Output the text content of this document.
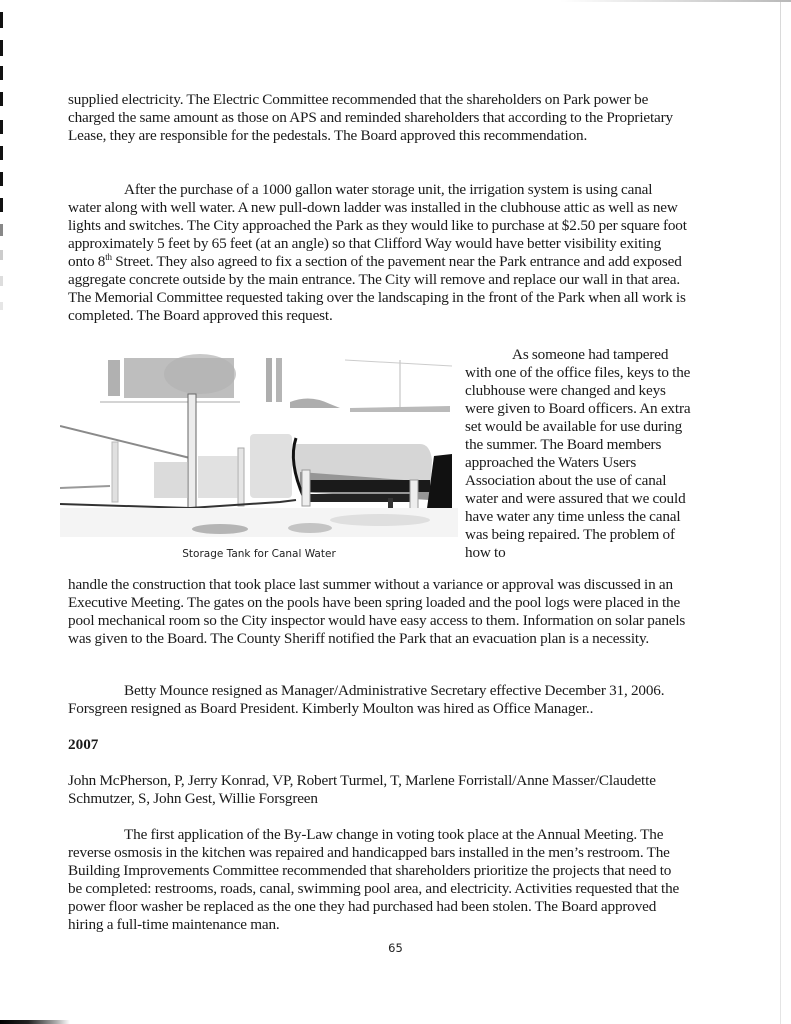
supplied electricity. The Electric Committee recommended that the shareholders on Park power be charged the same amount as those on APS and reminded shareholders that according to the Proprietary Lease, they are responsible for the pedestals. The Board approved this recommendation.

After the purchase of a 1000 gallon water storage unit, the irrigation system is using canal water along with well water. A new pull-down ladder was installed in the clubhouse attic as well as new lights and switches. The City approached the Park as they would like to purchase at $2.50 per square foot approximately 5 feet by 65 feet (at an angle) so that Clifford Way would have better visibility exiting onto 8th Street. They also agreed to fix a section of the pavement near the Park entrance and add exposed aggregate concrete outside by the main entrance. The City will remove and replace our wall in that area. The Memorial Committee requested taking over the landscaping in the front of the Park when all work is completed. The Board approved this request.

Storage Tank for Canal Water

As someone had tampered with one of the office files, keys to the clubhouse were changed and keys were given to Board officers. An extra set would be available for use during the summer. The Board members approached the Waters Users Association about the use of canal water and were assured that we could have water any time unless the canal was being repaired. The problem of how to

handle the construction that took place last summer without a variance or approval was discussed in an Executive Meeting. The gates on the pools have been spring loaded and the pool logs were placed in the pool mechanical room so the City inspector would have easy access to them. Information on solar panels was given to the Board. The County Sheriff notified the Park that an evacuation plan is a necessity.

Betty Mounce resigned as Manager/Administrative Secretary effective December 31, 2006. Forsgreen resigned as Board President. Kimberly Moulton was hired as Office Manager..

2007

John McPherson, P, Jerry Konrad, VP, Robert Turmel, T, Marlene Forristall/Anne Masser/Claudette Schmutzer, S, John Gest, Willie Forsgreen

The first application of the By-Law change in voting took place at the Annual Meeting. The reverse osmosis in the kitchen was repaired and handicapped bars installed in the men’s restroom. The Building Improvements Committee recommended that shareholders prioritize the projects that need to be completed: restrooms, roads, canal, swimming pool area, and electricity. Activities requested that the power floor washer be replaced as the one they had purchased had been stolen. The Board approved hiring a full-time maintenance man.

65
